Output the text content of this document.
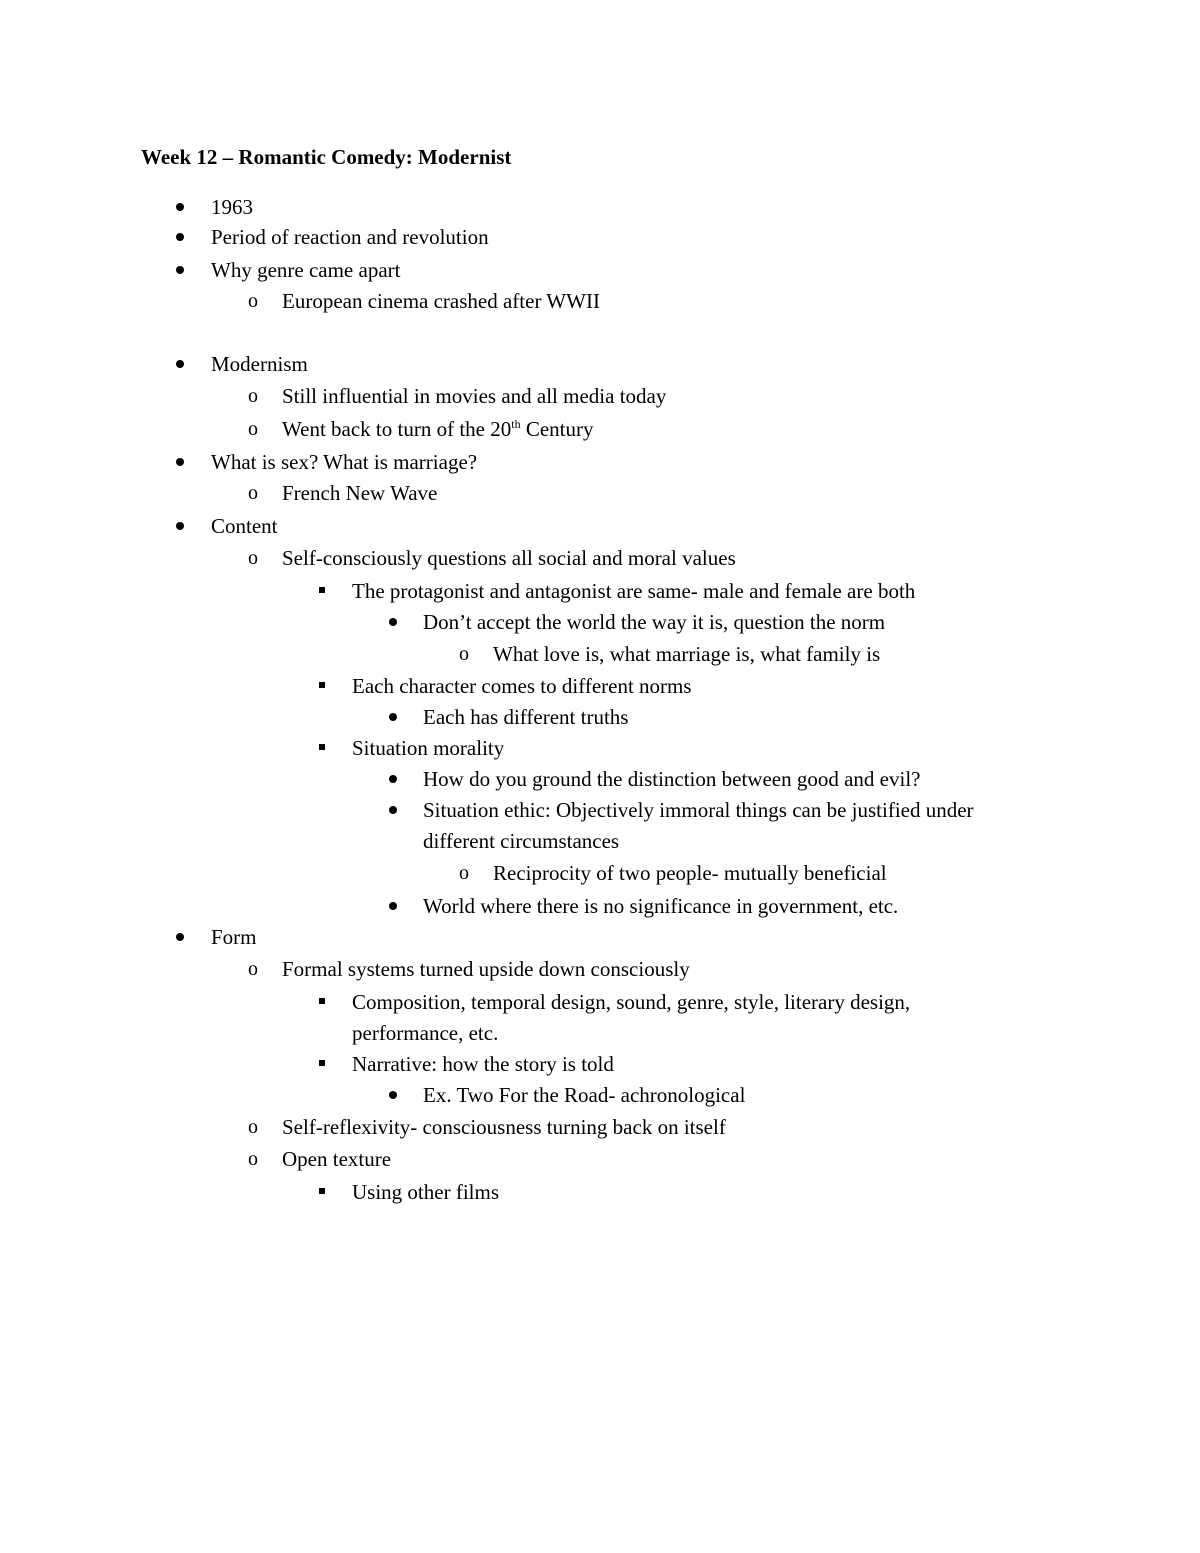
Week 12 – Romantic Comedy: Modernist
1963
Period of reaction and revolution
Why genre came apart
o European cinema crashed after WWII
Modernism
o Still influential in movies and all media today
o Went back to turn of the 20th Century
What is sex? What is marriage?
o French New Wave
Content
o Self-consciously questions all social and moral values
The protagonist and antagonist are same- male and female are both
Don’t accept the world the way it is, question the norm
o What love is, what marriage is, what family is
Each character comes to different norms
Each has different truths
Situation morality
How do you ground the distinction between good and evil?
Situation ethic: Objectively immoral things can be justified under
different circumstances
o Reciprocity of two people- mutually beneficial
World where there is no significance in government, etc.
Form
o Formal systems turned upside down consciously
Composition, temporal design, sound, genre, style, literary design,
performance, etc.
Narrative: how the story is told
Ex. Two For the Road- achronological
o Self-reflexivity- consciousness turning back on itself
o Open texture
Using other films
